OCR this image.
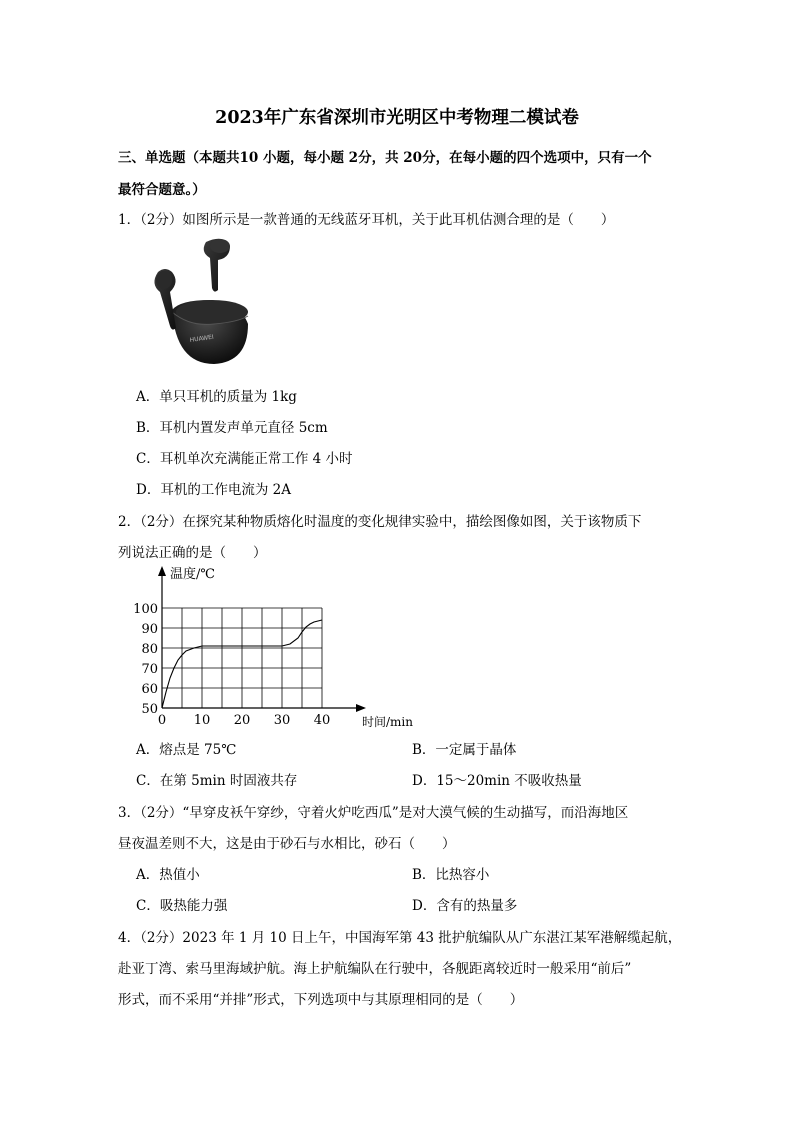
2023年广东省深圳市光明区中考物理二模试卷
三、单选题（本题共10 小题，每小题 2分，共 20分，在每小题的四个选项中，只有一个
最符合题意。）
1．（2分）如图所示是一款普通的无线蓝牙耳机，关于此耳机估测合理的是（　　）
HUAWEI
A．单只耳机的质量为 1kg
B．耳机内置发声单元直径 5cm
C．耳机单次充满能正常工作 4 小时
D．耳机的工作电流为 2A
2．（2分）在探究某种物质熔化时温度的变化规律实验中，描绘图像如图，关于该物质下
列说法正确的是（　　）
50
60
70
80
90
100
0 10 20 30 40
温度/℃
时间/min
A．熔点是 75℃	B．一定属于晶体
C．在第 5min 时固液共存	D．15～20min 不吸收热量
3．（2分）“早穿皮袄午穿纱，守着火炉吃西瓜”是对大漠气候的生动描写，而沿海地区
昼夜温差则不大，这是由于砂石与水相比，砂石（　　）
A．热值小	B．比热容小
C．吸热能力强	D．含有的热量多
4．（2分）2023 年 1 月 10 日上午，中国海军第 43 批护航编队从广东湛江某军港解缆起航，
赴亚丁湾、索马里海域护航。海上护航编队在行驶中，各舰距离较近时一般采用“前后”
形式，而不采用“并排”形式，下列选项中与其原理相同的是（　　）
